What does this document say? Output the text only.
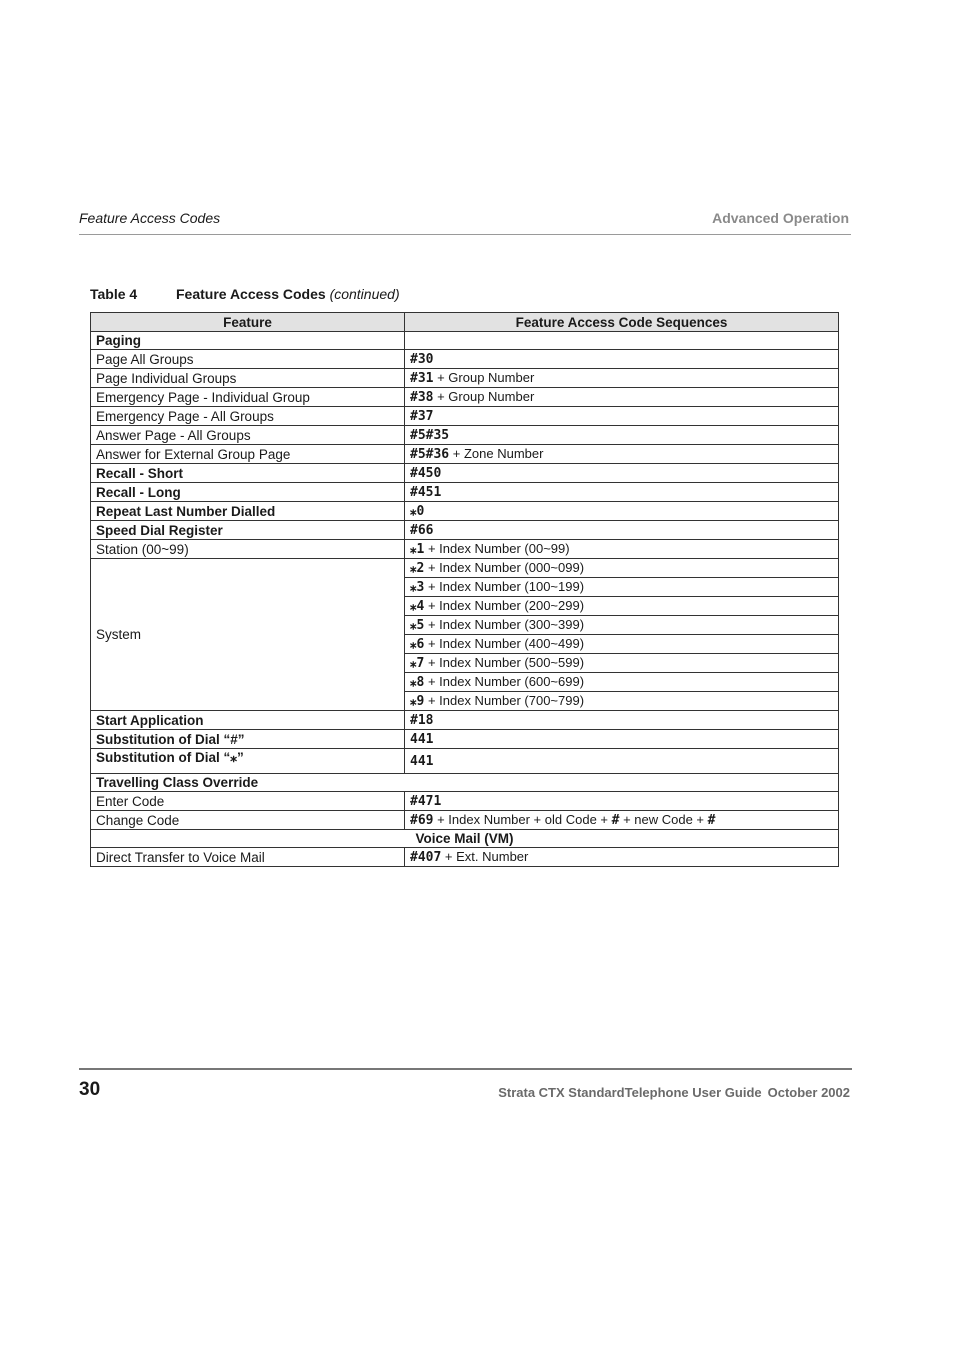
Feature Access Codes	Advanced Operation
Table 4	Feature Access Codes (continued)
Feature	Feature Access Code Sequences
Paging	
Page All Groups	#30
Page Individual Groups	#31 + Group Number
Emergency Page - Individual Group	#38 + Group Number
Emergency Page - All Groups	#37
Answer Page - All Groups	#5#35
Answer for External Group Page	#5#36 + Zone Number
Recall - Short	#450
Recall - Long	#451
Repeat Last Number Dialled	⁎0
Speed Dial Register	#66
Station (00~99)	⁎1 + Index Number (00~99)
System	⁎2 + Index Number (000~099)
	⁎3 + Index Number (100~199)
	⁎4 + Index Number (200~299)
	⁎5 + Index Number (300~399)
	⁎6 + Index Number (400~499)
	⁎7 + Index Number (500~599)
	⁎8 + Index Number (600~699)
	⁎9 + Index Number (700~799)
Start Application	#18
Substitution of Dial “#”	441
Substitution of Dial “⁎”	441
Travelling Class Override	
Enter Code	#471
Change Code	#69 + Index Number + old Code + # + new Code + #
Voice Mail (VM)	
Direct Transfer to Voice Mail	#407 + Ext. Number
30	Strata CTX StandardTelephone User Guide October 2002
